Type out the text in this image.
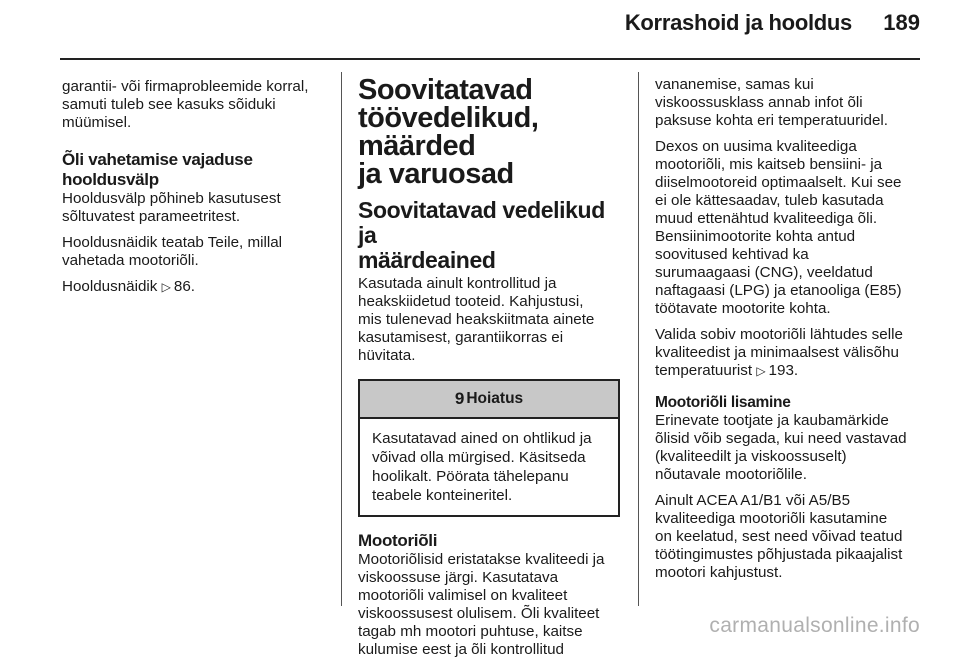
Korrashoid ja hooldus 189

garantii- või firmaprobleemide korral,
samuti tuleb see kasuks sõiduki
müümisel.

Õli vahetamise vajaduse
hooldusvälp

Hooldusvälp põhineb kasutusest
sõltuvatest parameetritest.

Hooldusnäidik teatab Teile, millal
vahetada mootoriõli.

Hooldusnäidik ▷ 86.

Soovitatavad
töövedelikud, määrded
ja varuosad
Soovitatavad vedelikud ja
määrdeained

Kasutada ainult kontrollitud ja
heakskiidetud tooteid. Kahjustusi,
mis tulenevad heakskiitmata ainete
kasutamisest, garantiikorras ei
hüvitata.

9 Hoiatus
Kasutatavad ained on ohtlikud ja
võivad olla mürgised. Käsitseda
hoolikalt. Pöörata tähelepanu
teabele konteineritel.
Mootoriõli

Mootoriõlisid eristatakse kvaliteedi ja
viskoossuse järgi. Kasutatava
mootoriõli valimisel on kvaliteet
viskoossusest olulisem. Õli kvaliteet
tagab mh mootori puhtuse, kaitse
kulumise eest ja õli kontrollitud

vananemise, samas kui
viskoossusklass annab infot õli
paksuse kohta eri temperatuuridel.

Dexos on uusima kvaliteediga
mootoriõli, mis kaitseb bensiini- ja
diiselmootoreid optimaalselt. Kui see
ei ole kättesaadav, tuleb kasutada
muud ettenähtud kvaliteediga õli.
Bensiinimootorite kohta antud
soovitused kehtivad ka
surumaagaasi (CNG), veeldatud
naftagaasi (LPG) ja etanooliga (E85)
töötavate mootorite kohta.

Valida sobiv mootoriõli lähtudes selle
kvaliteedist ja minimaalsest välisõhu
temperatuurist ▷ 193.

Mootoriõli lisamine

Erinevate tootjate ja kaubamärkide
õlisid võib segada, kui need vastavad
(kvaliteedilt ja viskoossuselt)
nõutavale mootoriõlile.

Ainult ACEA A1/B1 või A5/B5
kvaliteediga mootoriõli kasutamine
on keelatud, sest need võivad teatud
töötingimustes põhjustada pikaajalist
mootori kahjustust.

carmanualsonline.info
